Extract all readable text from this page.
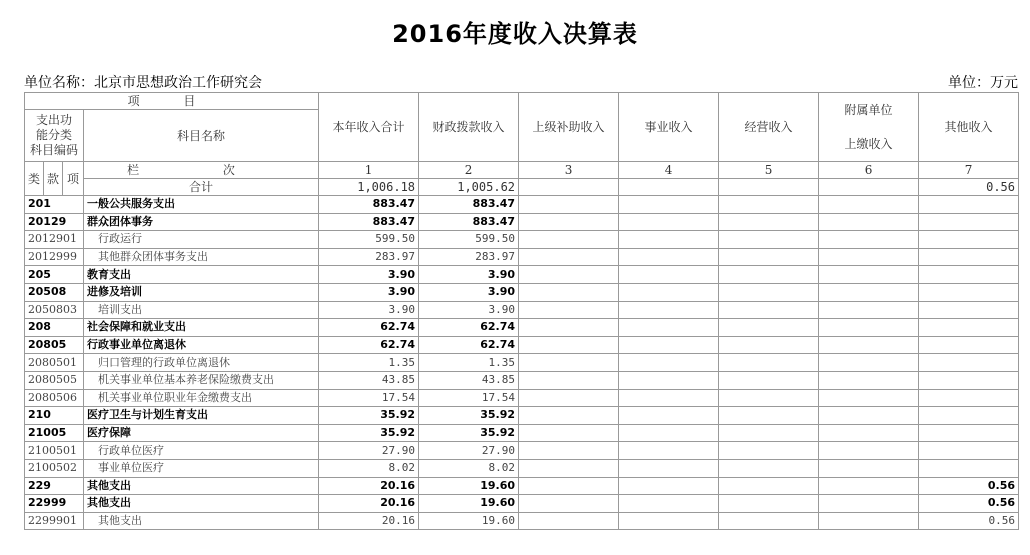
2016年度收入决算表
单位名称：北京市思想政治工作研究会	单位：万元
项 目				本年收入合计	财政拨款收入	上级补助收入	事业收入	经营收入	附属单位
上缴收入	其他收入

支出功
能分类
科目编码			科目名称							

类	款	项	栏 次	1	2	3	4	5	6	7
			合计	1,006.18	1,005.62					0.56
201			一般公共服务支出	883.47	883.47					
20129			群众团体事务	883.47	883.47					
2012901			行政运行	599.50	599.50					
2012999			其他群众团体事务支出	283.97	283.97					
205			教育支出	3.90	3.90					
20508			进修及培训	3.90	3.90					
2050803			培训支出	3.90	3.90					
208			社会保障和就业支出	62.74	62.74					
20805			行政事业单位离退休	62.74	62.74					
2080501			归口管理的行政单位离退休	1.35	1.35					
2080505			机关事业单位基本养老保险缴费支出	43.85	43.85					
2080506			机关事业单位职业年金缴费支出	17.54	17.54					
210			医疗卫生与计划生育支出	35.92	35.92					
21005			医疗保障	35.92	35.92					
2100501			行政单位医疗	27.90	27.90					
2100502			事业单位医疗	8.02	8.02					
229			其他支出	20.16	19.60					0.56
22999			其他支出	20.16	19.60					0.56
2299901			其他支出	20.16	19.60					0.56
